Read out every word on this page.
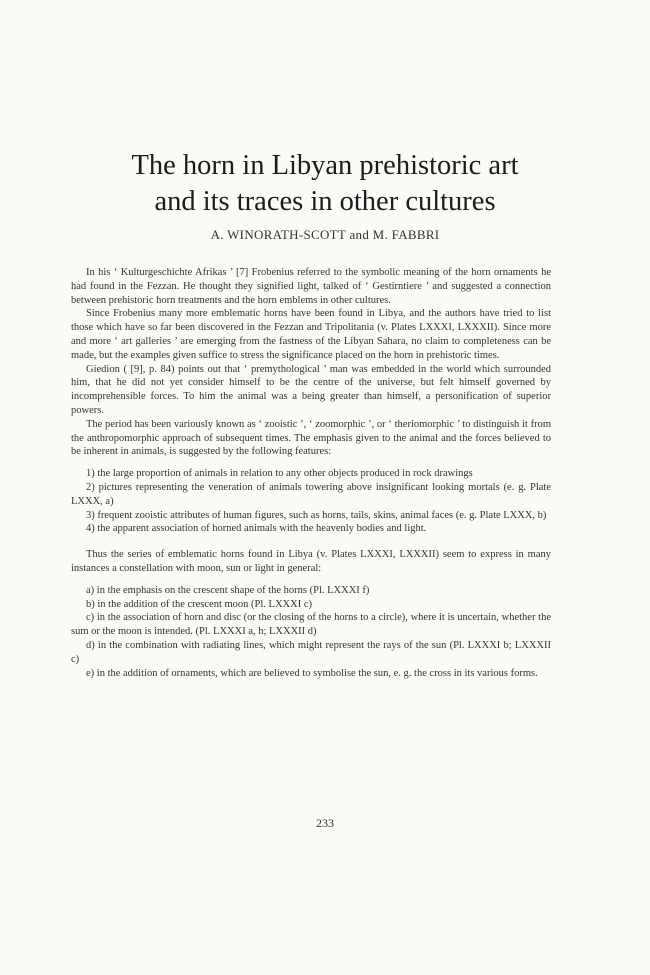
The horn in Libyan prehistoric art
and its traces in other cultures
A. WINORATH-SCOTT and M. FABBRI

In his ‘ Kulturgeschichte Afrikas ’ [7] Frobenius referred to the symbolic meaning of the horn ornaments he had found in the Fezzan. He thought they signified light, talked of ‘ Gestirntiere ’ and suggested a connection between prehistoric horn treatments and the horn emblems in other cultures.

Since Frobenius many more emblematic horns have been found in Libya, and the authors have tried to list those which have so far been discovered in the Fezzan and Tripolitania (v. Plates LXXXI, LXXXII). Since more and more ‘ art galleries ’ are emerging from the fastness of the Libyan Sahara, no claim to completeness can be made, but the examples given suffice to stress the significance placed on the horn in prehistoric times.

Giedion ( [9], p. 84) points out that ‘ premythological ’ man was embedded in the world which surrounded him, that he did not yet consider himself to be the centre of the universe, but felt himself governed by incomprehensible forces. To him the animal was a being greater than himself, a personification of superior powers.

The period has been variously known as ‘ zooistic ’, ‘ zoomorphic ’, or ‘ theriomorphic ’ to distinguish it from the anthropomorphic approach of subsequent times. The emphasis given to the animal and the forces believed to be inherent in animals, is suggested by the following features:

1) the large proportion of animals in relation to any other objects produced in rock drawings

2) pictures representing the veneration of animals towering above insignificant looking mortals (e. g. Plate LXXX, a)

3) frequent zooistic attributes of human figures, such as horns, tails, skins, animal faces (e. g. Plate LXXX, b)

4) the apparent association of horned animals with the heavenly bodies and light.

Thus the series of emblematic horns found in Libya (v. Plates LXXXI, LXXXII) seem to express in many instances a constellation with moon, sun or light in general:

a) in the emphasis on the crescent shape of the horns (Pl. LXXXI f)

b) in the addition of the crescent moon (Pl. LXXXI c)

c) in the association of horn and disc (or the closing of the horns to a circle), where it is uncertain, whether the sum or the moon is intended. (Pl. LXXXI a, h; LXXXII d)

d) in the combination with radiating lines, which might represent the rays of the sun (Pl. LXXXI b; LXXXII c)

e) in the addition of ornaments, which are believed to symbolise the sun, e. g. the cross in its various forms.

233
